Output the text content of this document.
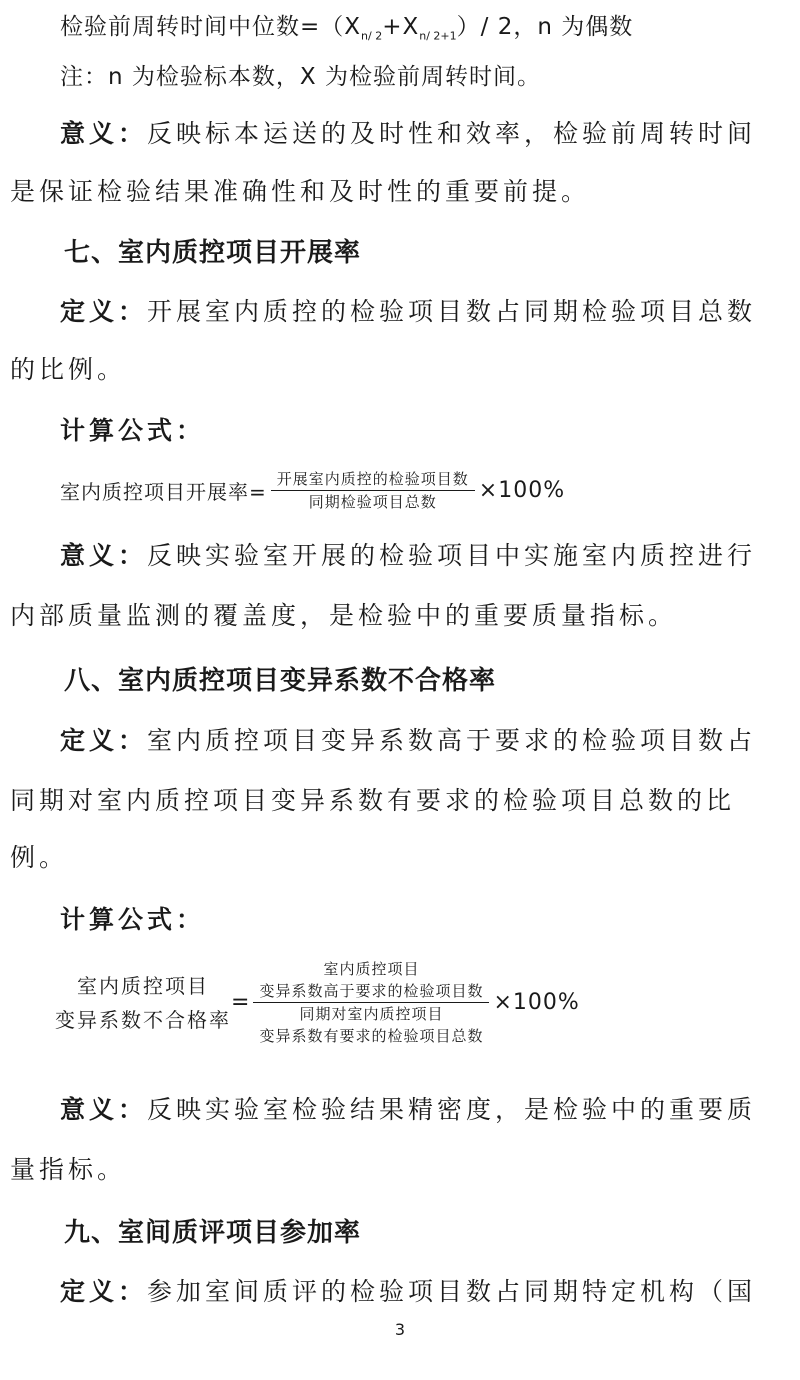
检验前周转时间中位数$=(X_{n/ 2}+X_{n/ 2+1})/$ 2，n 为偶数
注：n 为检验标本数，X 为检验前周转时间。
意义：反映标本运送的及时性和效率，检验前周转时间
是保证检验结果准确性和及时性的重要前提。
七、室内质控项目开展率
定义：开展室内质控的检验项目数占同期检验项目总数
的比例。
计算公式：
室内质控项目开展率= $\frac{\text{开展室内质控的检验项目数}}{\text{同期检验项目总数}} \times 100\%$
意义：反映实验室开展的检验项目中实施室内质控进行
内部质量监测的覆盖度，是检验中的重要质量指标。
八、室内质控项目变异系数不合格率
定义：室内质控项目变异系数高于要求的检验项目数占
同期对室内质控项目变异系数有要求的检验项目总数的比
例。
计算公式：
室内质控项目
变异系数不合格率
=
室内质控项目
变异系数高于要求的检验项目数
同期对室内质控项目
变异系数有要求的检验项目总数
×100%
意义：反映实验室检验结果精密度，是检验中的重要质
量指标。
九、室间质评项目参加率
定义：参加室间质评的检验项目数占同期特定机构（国
3
